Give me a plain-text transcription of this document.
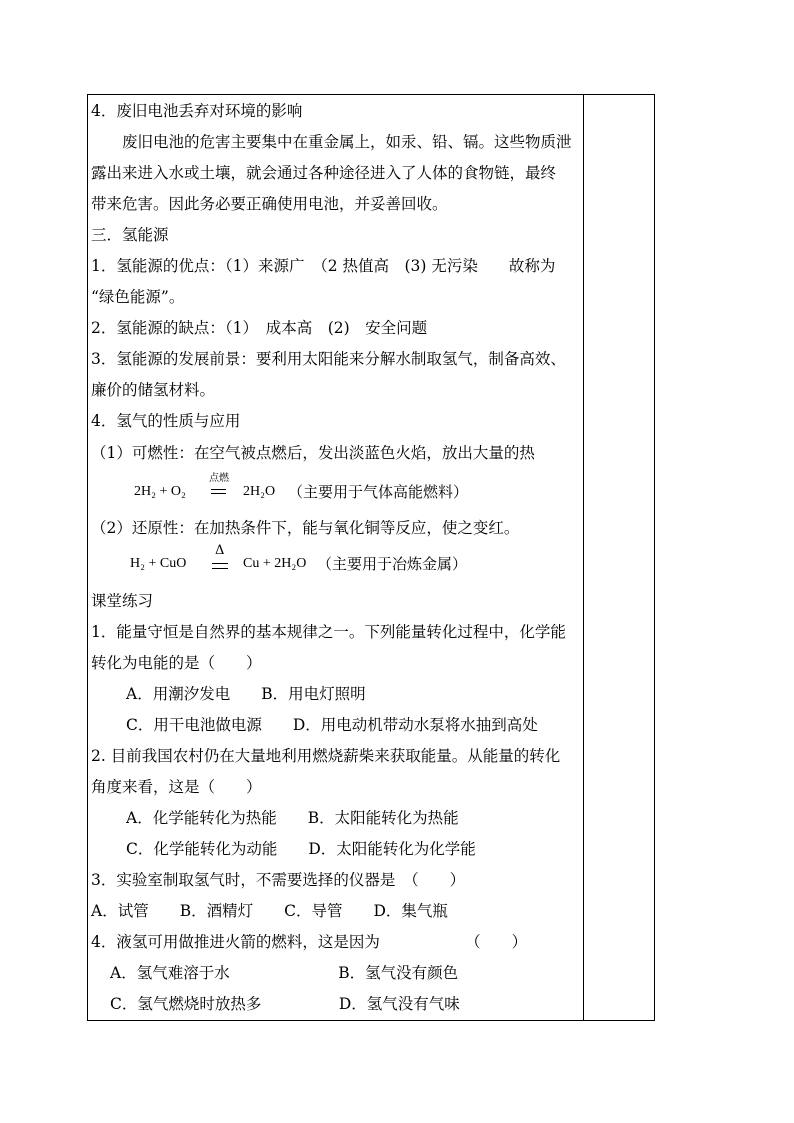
4．废旧电池丢弃对环境的影响
废旧电池的危害主要集中在重金属上，如汞、铅、镉。这些物质泄
露出来进入水或土壤，就会通过各种途径进入了人体的食物链，最终
带来危害。因此务必要正确使用电池，并妥善回收。
三．氢能源
1．氢能源的优点：（1）来源广　（2 热值高　(3) 无污染　　故称为
“绿色能源”。
2．氢能源的缺点：（1）　成本高　(2)　安全问题
3．氢能源的发展前景：要利用太阳能来分解水制取氢气，制备高效、
廉价的储氢材料。
4．氢气的性质与应用
（1）可燃性：在空气被点燃后，发出淡蓝色火焰，放出大量的热
2H₂ + O₂
点燃
2H₂O （主要用于气体高能燃料）
（2）还原性：在加热条件下，能与氧化铜等反应，使之变红。
H₂ + CuO
Δ
Cu + 2H₂O （主要用于冶炼金属）
课堂练习
1．能量守恒是自然界的基本规律之一。下列能量转化过程中，化学能
转化为电能的是（　　）
A．用潮汐发电　　B．用电灯照明
C．用干电池做电源　　D．用电动机带动水泵将水抽到高处
2. 目前我国农村仍在大量地利用燃烧薪柴来获取能量。从能量的转化
角度来看，这是（　　）
A．化学能转化为热能　　B．太阳能转化为热能
C．化学能转化为动能　　D．太阳能转化为化学能
3．实验室制取氢气时，不需要选择的仪器是　（　　）
A．试管　　B．酒精灯　　C．导管　　D．集气瓶
4．液氢可用做推进火箭的燃料，这是因为　　　　　　（　　）
A．氢气难溶于水　　　　　　　B．氢气没有颜色
C．氢气燃烧时放热多　　　　　D．氢气没有气味
